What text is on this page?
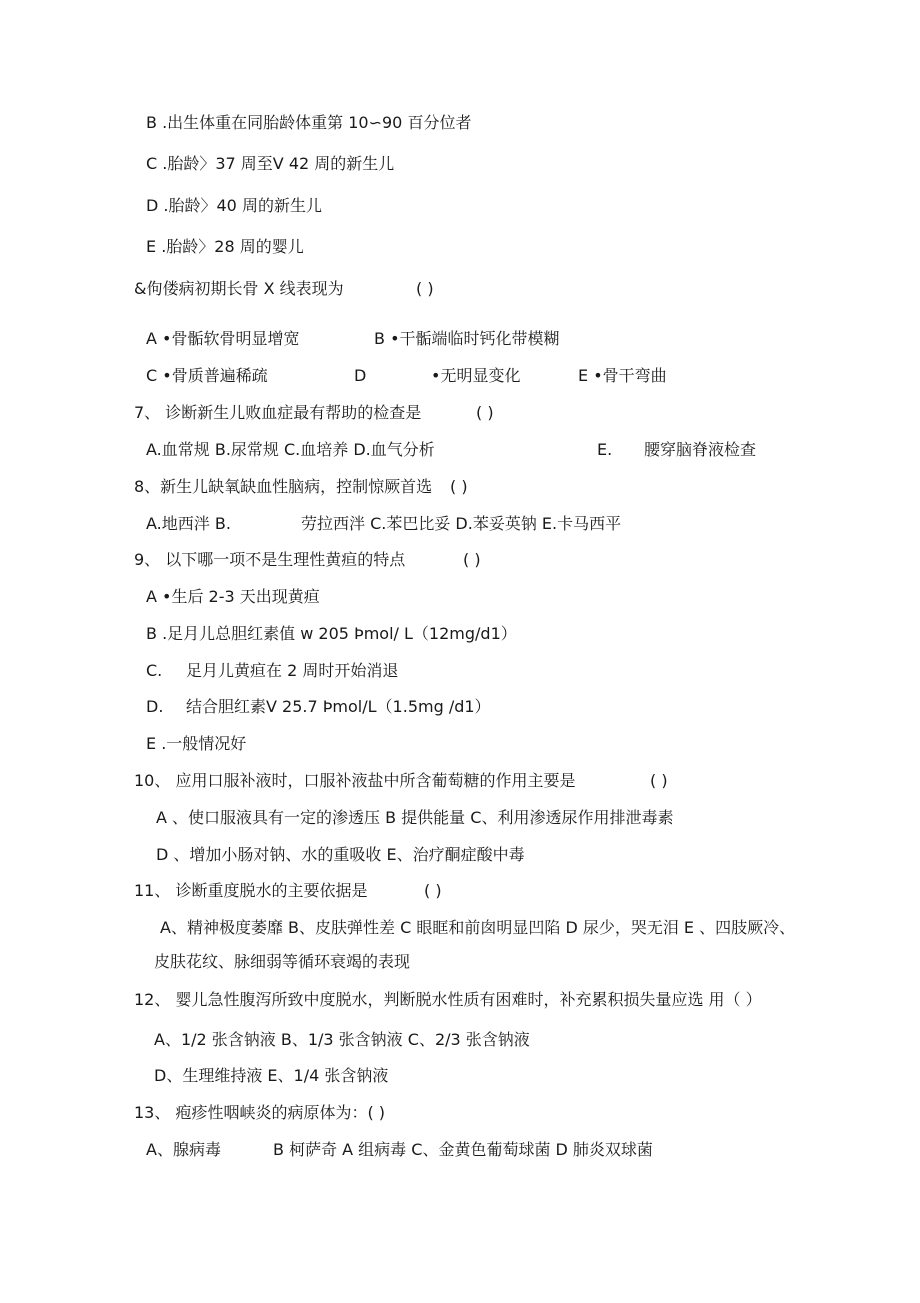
B .出生体重在同胎龄体重第 10∽90 百分位者
C .胎龄〉37 周至Ⅴ 42 周的新生儿
D .胎龄〉40 周的新生儿
E .胎龄〉28 周的婴儿
&佝偻病初期长骨 X 线表现为	( )
A •骨骺软骨明显增宽	B •干骺端临时钙化带模糊
C •骨质普遍稀疏	D	•无明显变化	E •骨干弯曲
7、 诊断新生儿败血症最有帮助的检查是	( )
A.血常规 B.尿常规 C.血培养 D.血气分析	E. 腰穿脑脊液检查
8、新生儿缺氧缺血性脑病，控制惊厥首选 ( )
A.地西泮 B.	劳拉西泮 C.苯巴比妥 D.苯妥英钠 E.卡马西平
9、 以下哪一项不是生理性黄疸的特点	( )
A •生后 2-3 天出现黄疸
B .足月儿总胆红素值 w 205 Þmol/ L（12mg/d1）
C. 足月儿黄疸在 2 周时开始消退
D. 结合胆红素Ⅴ 25.7 Þmol/L（1.5mg /d1）
E .一般情况好
10、 应用口服补液时，口服补液盐中所含葡萄糖的作用主要是	( )
A 、使口服液具有一定的渗透压 B 提供能量 C、利用渗透尿作用排泄毒素
D 、增加小肠对钠、水的重吸收 E、治疗酮症酸中毒
11、 诊断重度脱水的主要依据是	( )
A、精神极度萎靡 B、皮肤弹性差 C 眼眶和前囱明显凹陷 D 尿少，哭无泪 E 、四肢厥冷、
皮肤花纹、脉细弱等循环衰竭的表现
12、 婴儿急性腹泻所致中度脱水，判断脱水性质有困难时，补充累积损失量应选 用（ ）
A、1/2 张含钠液 B、1/3 张含钠液 C、2/3 张含钠液
D、生理维持液 E、1/4 张含钠液
13、 疱疹性咽峡炎的病原体为：( )
A、腺病毒	B 柯萨奇 A 组病毒 C、金黄色葡萄球菌 D 肺炎双球菌
